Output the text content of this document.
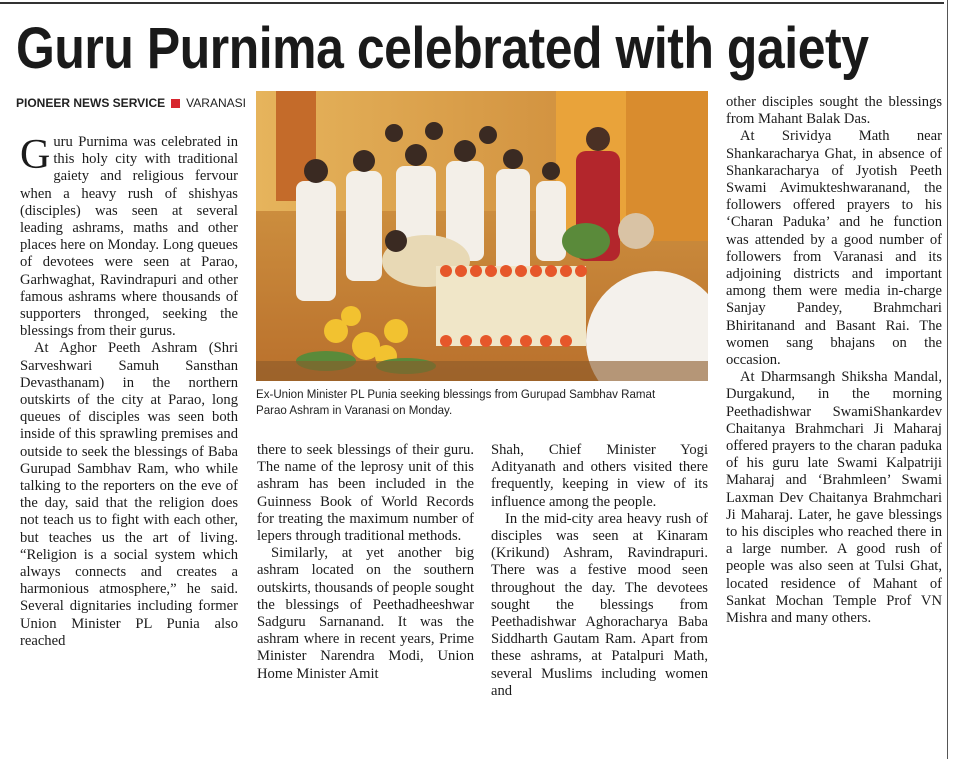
Guru Purnima celebrated with gaiety
PIONEER NEWS SERVICE VARANASI

Guru Purnima was celebrated in this holy city with traditional gaiety and religious fervour when a heavy rush of shishyas (disciples) was seen at several leading ashrams, maths and other places here on Monday. Long queues of devotees were seen at Parao, Garhwaghat, Ravindrapuri and other famous ashrams where thousands of supporters thronged, seeking the blessings from their gurus.

At Aghor Peeth Ashram (Shri Sarveshwari Samuh Sansthan Devasthanam) in the northern outskirts of the city at Parao, long queues of disciples was seen both inside of this sprawling premises and outside to seek the blessings of Baba Gurupad Sambhav Ram, who while talking to the reporters on the eve of the day, said that the religion does not teach us to fight with each other, but teaches us the art of living. “Religion is a social system which always connects and creates a harmonious atmosphere,” he said. Several dignitaries including former Union Minister PL Punia also reached

Ex-Union Minister PL Punia seeking blessings from Gurupad Sambhav Ramat Parao Ashram in Varanasi on Monday.

there to seek blessings of their guru. The name of the leprosy unit of this ashram has been included in the Guinness Book of World Records for treating the maximum number of lepers through traditional methods.

Similarly, at yet another big ashram located on the southern outskirts, thousands of people sought the blessings of Peethadheeshwar Sadguru Sarnanand. It was the ashram where in recent years, Prime Minister Narendra Modi, Union Home Minister Amit

Shah, Chief Minister Yogi Adityanath and others visited there frequently, keeping in view of its influence among the people.

In the mid-city area heavy rush of disciples was seen at Kinaram (Krikund) Ashram, Ravindrapuri. There was a festive mood seen throughout the day. The devotees sought the blessings from Peethadishwar Aghoracharya Baba Siddharth Gautam Ram. Apart from these ashrams, at Patalpuri Math, several Muslims including women and

other disciples sought the blessings from Mahant Balak Das.

At Srividya Math near Shankaracharya Ghat, in absence of Shankaracharya of Jyotish Peeth Swami Avimukteshwaranand, the followers offered prayers to his ‘Charan Paduka’ and he function was attended by a good number of followers from Varanasi and its adjoining districts and important among them were media in-charge Sanjay Pandey, Brahmchari Bhiritanand and Basant Rai. The women sang bhajans on the occasion.

At Dharmsangh Shiksha Mandal, Durgakund, in the morning Peethadishwar SwamiShankardev Chaitanya Brahmchari Ji Maharaj offered prayers to the charan paduka of his guru late Swami Kalpatriji Maharaj and ‘Brahmleen’ Swami Laxman Dev Chaitanya Brahmchari Ji Maharaj. Later, he gave blessings to his disciples who reached there in a large number. A good rush of people was also seen at Tulsi Ghat, located residence of Mahant of Sankat Mochan Temple Prof VN Mishra and many others.
